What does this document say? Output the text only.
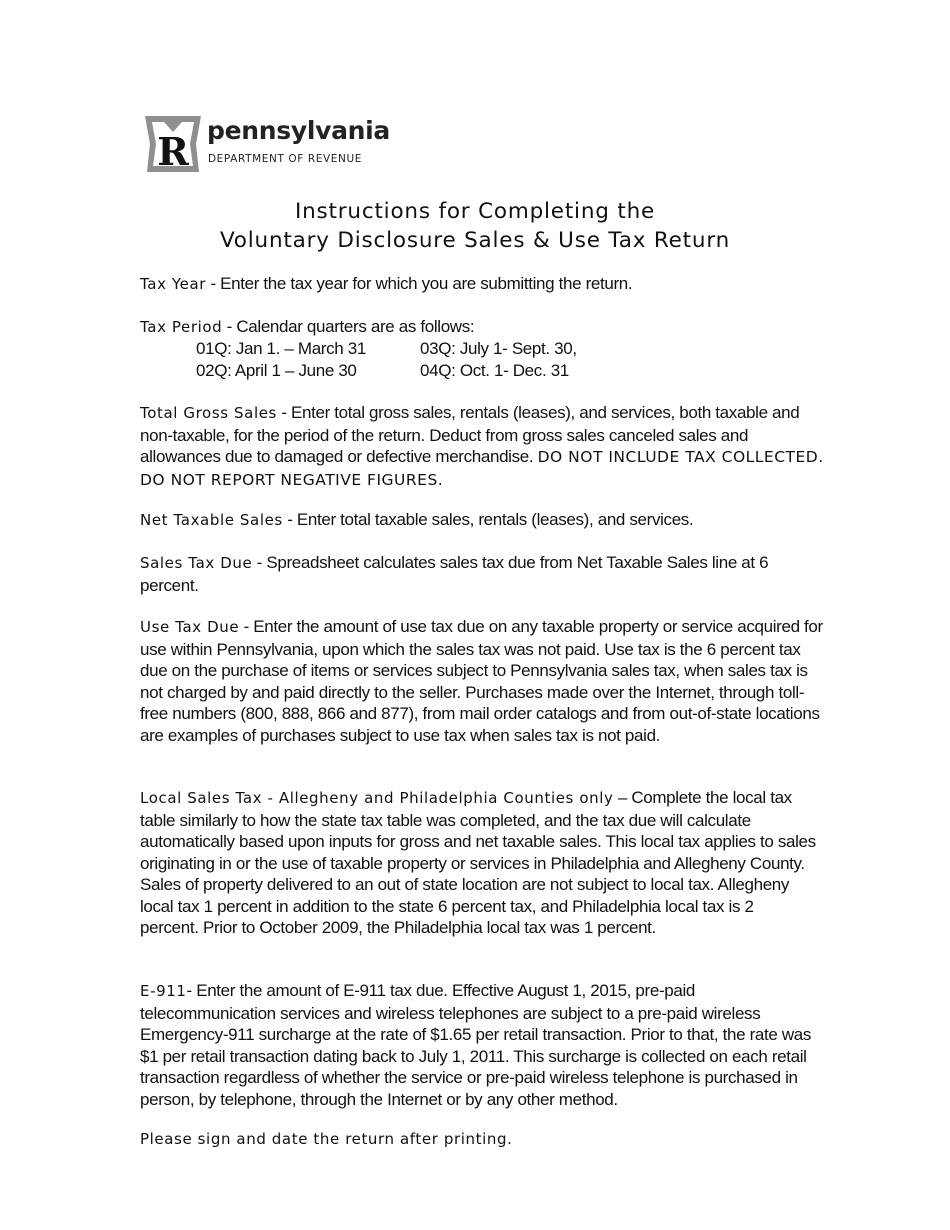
R pennsylvania
DEPARTMENT OF REVENUE
Instructions for Completing the
Voluntary Disclosure Sales & Use Tax Return
Tax Year - Enter the tax year for which you are submitting the return.
Tax Period - Calendar quarters are as follows:
01Q: Jan 1. – March 31	03Q: July 1- Sept. 30,
02Q: April 1 – June 30	04Q: Oct. 1- Dec. 31
Total Gross Sales - Enter total gross sales, rentals (leases), and services, both taxable and non-taxable, for the period of the return. Deduct from gross sales canceled sales and allowances due to damaged or defective merchandise. DO NOT INCLUDE TAX COLLECTED. DO NOT REPORT NEGATIVE FIGURES.
Net Taxable Sales - Enter total taxable sales, rentals (leases), and services.
Sales Tax Due - Spreadsheet calculates sales tax due from Net Taxable Sales line at 6 percent.
Use Tax Due - Enter the amount of use tax due on any taxable property or service acquired for use within Pennsylvania, upon which the sales tax was not paid. Use tax is the 6 percent tax due on the purchase of items or services subject to Pennsylvania sales tax, when sales tax is not charged by and paid directly to the seller. Purchases made over the Internet, through toll-free numbers (800, 888, 866 and 877), from mail order catalogs and from out-of-state locations are examples of purchases subject to use tax when sales tax is not paid.
Local Sales Tax - Allegheny and Philadelphia Counties only – Complete the local tax table similarly to how the state tax table was completed, and the tax due will calculate automatically based upon inputs for gross and net taxable sales. This local tax applies to sales originating in or the use of taxable property or services in Philadelphia and Allegheny County. Sales of property delivered to an out of state location are not subject to local tax. Allegheny local tax 1 percent in addition to the state 6 percent tax, and Philadelphia local tax is 2 percent. Prior to October 2009, the Philadelphia local tax was 1 percent.
E-911- Enter the amount of E-911 tax due. Effective August 1, 2015, pre-paid telecommunication services and wireless telephones are subject to a pre-paid wireless Emergency-911 surcharge at the rate of $1.65 per retail transaction. Prior to that, the rate was $1 per retail transaction dating back to July 1, 2011. This surcharge is collected on each retail transaction regardless of whether the service or pre-paid wireless telephone is purchased in person, by telephone, through the Internet or by any other method.
Please sign and date the return after printing.
